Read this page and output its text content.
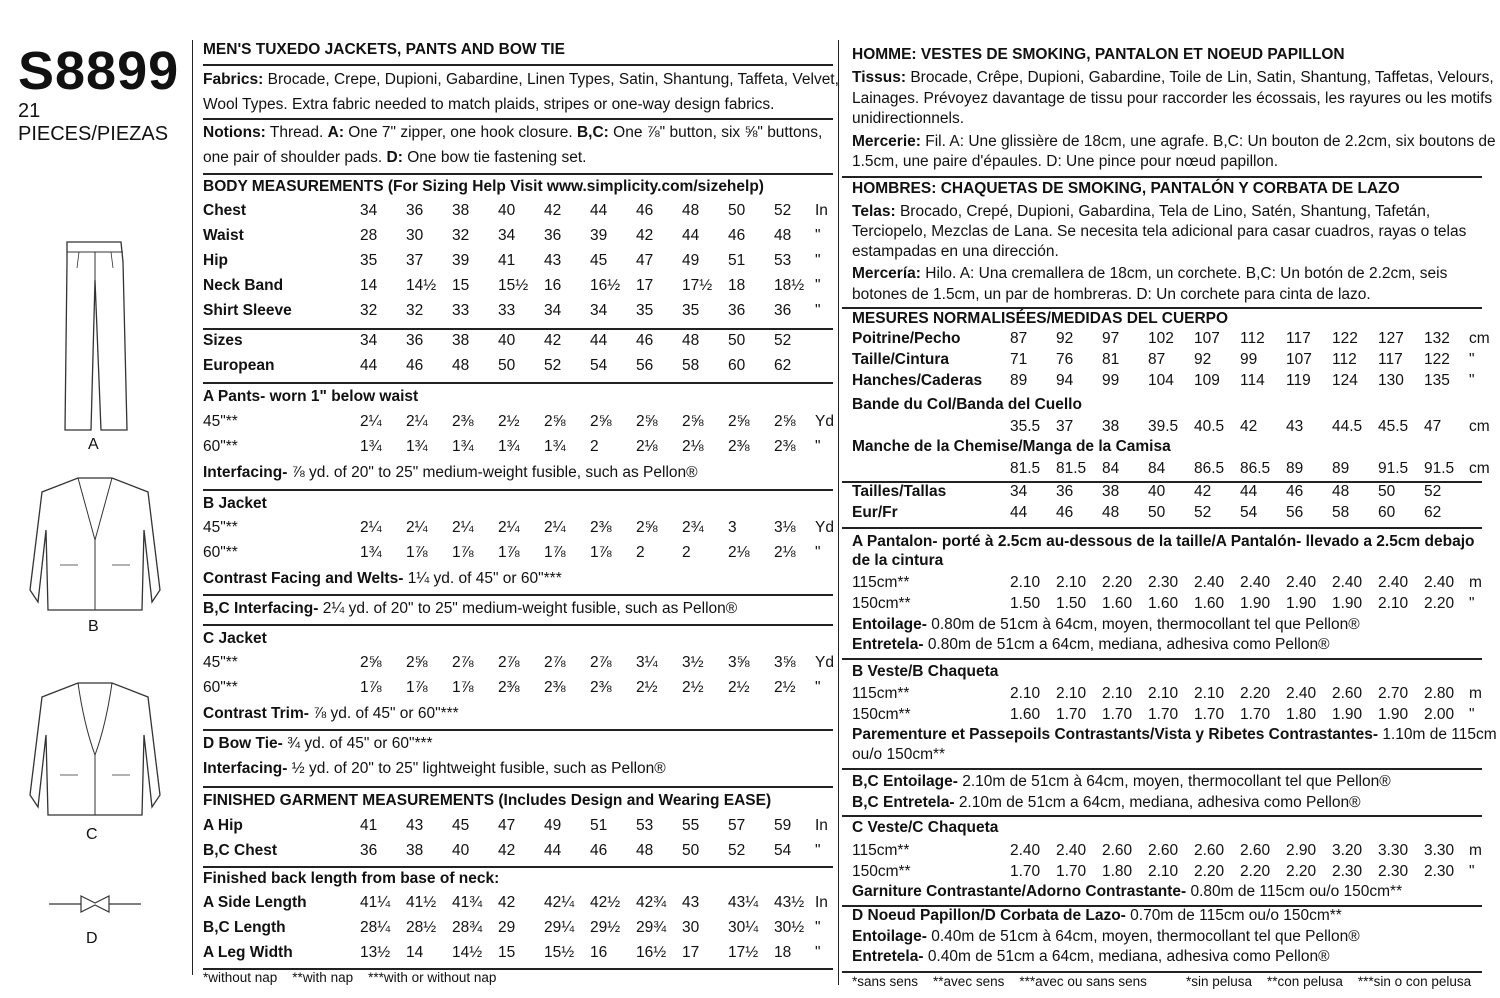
S8899
21 PIECES/PIEZAS
A
B
C
D
MEN'S TUXEDO JACKETS, PANTS AND BOW TIE
Fabrics: Brocade, Crepe, Dupioni, Gabardine, Linen Types, Satin, Shantung, Taffeta, Velvet,
Wool Types. Extra fabric needed to match plaids, stripes or one-way design fabrics.
Notions: Thread. A: One 7" zipper, one hook closure. B,C: One ⅞" button, six ⅝" buttons,
one pair of shoulder pads. D: One bow tie fastening set.
BODY MEASUREMENTS (For Sizing Help Visit www.simplicity.com/sizehelp)
Chest	34 36 38 40 42 44 46 48 50 52 In
Waist	28 30 32 34 36 39 42 44 46 48 "
Hip	35 37 39 41 43 45 47 49 51 53 "
Neck Band	14 14½ 15 15½ 16 16½ 17 17½ 18 18½ "
Shirt Sleeve	32 32 33 33 34 34 35 35 36 36 "
Sizes	34 36 38 40 42 44 46 48 50 52
European	44 46 48 50 52 54 56 58 60 62
A Pants- worn 1" below waist
45"**	2¼ 2¼ 2⅜ 2½ 2⅝ 2⅝ 2⅝ 2⅝ 2⅝ 2⅝ Yd
60"**	1¾ 1¾ 1¾ 1¾ 1¾ 2 2⅛ 2⅛ 2⅜ 2⅜ "
Interfacing- ⅞ yd. of 20" to 25" medium-weight fusible, such as Pellon®
B Jacket
45"**	2¼ 2¼ 2¼ 2¼ 2¼ 2⅜ 2⅝ 2¾ 3 3⅛ Yd
60"**	1¾ 1⅞ 1⅞ 1⅞ 1⅞ 1⅞ 2 2 2⅛ 2⅛ "
Contrast Facing and Welts- 1¼ yd. of 45" or 60"***
B,C Interfacing- 2¼ yd. of 20" to 25" medium-weight fusible, such as Pellon®
C Jacket
45"**	2⅝ 2⅝ 2⅞ 2⅞ 2⅞ 2⅞ 3¼ 3½ 3⅝ 3⅝ Yd
60"**	1⅞ 1⅞ 1⅞ 2⅜ 2⅜ 2⅜ 2½ 2½ 2½ 2½ "
Contrast Trim- ⅞ yd. of 45" or 60"***
D Bow Tie- ¾ yd. of 45" or 60"***
Interfacing- ½ yd. of 20" to 25" lightweight fusible, such as Pellon®
FINISHED GARMENT MEASUREMENTS (Includes Design and Wearing EASE)
A Hip	41 43 45 47 49 51 53 55 57 59 In
B,C Chest	36 38 40 42 44 46 48 50 52 54 "
Finished back length from base of neck:
A Side Length	41¼ 41½ 41¾ 42 42¼ 42½ 42¾ 43 43¼ 43½ In
B,C Length	28¼ 28½ 28¾ 29 29¼ 29½ 29¾ 30 30¼ 30½ "
A Leg Width	13½ 14 14½ 15 15½ 16 16½ 17 17½ 18 "
*without nap    **with nap    ***with or without nap
HOMME: VESTES DE SMOKING, PANTALON ET NOEUD PAPILLON
Tissus: Brocade, Crêpe, Dupioni, Gabardine, Toile de Lin, Satin, Shantung, Taffetas, Velours,
Lainages. Prévoyez davantage de tissu pour raccorder les écossais, les rayures ou les motifs
unidirectionnels.
Mercerie: Fil. A: Une glissière de 18cm, une agrafe. B,C: Un bouton de 2.2cm, six boutons de
1.5cm, une paire d'épaules. D: Une pince pour nœud papillon.
HOMBRES: CHAQUETAS DE SMOKING, PANTALÓN Y CORBATA DE LAZO
Telas: Brocado, Crepé, Dupioni, Gabardina, Tela de Lino, Satén, Shantung, Tafetán,
Terciopelo, Mezclas de Lana. Se necesita tela adicional para casar cuadros, rayas o telas
estampadas en una dirección.
Mercería: Hilo. A: Una cremallera de 18cm, un corchete. B,C: Un botón de 2.2cm, seis
botones de 1.5cm, un par de hombreras. D: Un corchete para cinta de lazo.
MESURES NORMALISÉES/MEDIDAS DEL CUERPO
Poitrine/Pecho	87 92 97 102 107 112 117 122 127 132 cm
Taille/Cintura	71 76 81 87 92 99 107 112 117 122 "
Hanches/Caderas 89 94 99 104 109 114 119 124 130 135 "
Bande du Col/Banda del Cuello
35.5 37 38 39.5 40.5 42 43 44.5 45.5 47 cm
Manche de la Chemise/Manga de la Camisa
81.5 81.5 84 84 86.5 86.5 89 89 91.5 91.5 cm
Tailles/Tallas	34 36 38 40 42 44 46 48 50 52
Eur/Fr	44 46 48 50 52 54 56 58 60 62
A Pantalon- porté à 2.5cm au-dessous de la taille/A Pantalón- llevado a 2.5cm debajo
de la cintura
115cm**	2.10 2.10 2.20 2.30 2.40 2.40 2.40 2.40 2.40 2.40 m
150cm**	1.50 1.50 1.60 1.60 1.60 1.90 1.90 1.90 2.10 2.20 "
Entoilage- 0.80m de 51cm à 64cm, moyen, thermocollant tel que Pellon®
Entretela- 0.80m de 51cm a 64cm, mediana, adhesiva como Pellon®
B Veste/B Chaqueta
115cm**	2.10 2.10 2.10 2.10 2.10 2.20 2.40 2.60 2.70 2.80 m
150cm**	1.60 1.70 1.70 1.70 1.70 1.70 1.80 1.90 1.90 2.00 "
Parementure et Passepoils Contrastants/Vista y Ribetes Contrastantes- 1.10m de 115cm
ou/o 150cm**
B,C Entoilage- 2.10m de 51cm à 64cm, moyen, thermocollant tel que Pellon®
B,C Entretela- 2.10m de 51cm a 64cm, mediana, adhesiva como Pellon®
C Veste/C Chaqueta
115cm**	2.40 2.40 2.60 2.60 2.60 2.60 2.90 3.20 3.30 3.30 m
150cm**	1.70 1.70 1.80 2.10 2.20 2.20 2.20 2.30 2.30 2.30 "
Garniture Contrastante/Adorno Contrastante- 0.80m de 115cm ou/o 150cm**
D Noeud Papillon/D Corbata de Lazo- 0.70m de 115cm ou/o 150cm**
Entoilage- 0.40m de 51cm à 64cm, moyen, thermocollant tel que Pellon®
Entretela- 0.40m de 51cm a 64cm, mediana, adhesiva como Pellon®
*sans sens    **avec sens    ***avec ou sans sens	*sin pelusa    **con pelusa    ***sin o con pelusa
